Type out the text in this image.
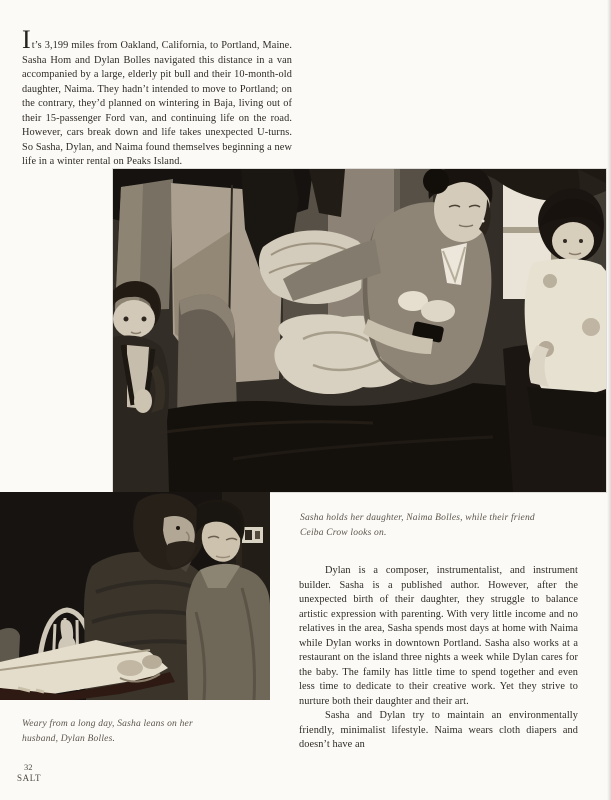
It’s 3,199 miles from Oakland, California, to Portland, Maine. Sasha Hom and Dylan Bolles navigated this distance in a van accompanied by a large, elderly pit bull and their 10-month-old daughter, Naima. They hadn’t intended to move to Portland; on the contrary, they’d planned on wintering in Baja, living out of their 15-passenger Ford van, and continuing life on the road. However, cars break down and life takes unexpected U-turns. So Sasha, Dylan, and Naima found themselves beginning a new life in a winter rental on Peaks Island.

Sasha holds her daughter, Naima Bolles, while their friend Ceiba Crow looks on.

Weary from a long day, Sasha leans on her husband, Dylan Bolles.

Dylan is a composer, instrumentalist, and instrument builder. Sasha is a published author. However, after the unexpected birth of their daughter, they struggle to balance artistic expression with parenting. With very little income and no relatives in the area, Sasha spends most days at home with Naima while Dylan works in downtown Portland. Sasha also works at a restaurant on the island three nights a week while Dylan cares for the baby. The family has little time to spend together and even less time to dedicate to their creative work. Yet they strive to nurture both their daughter and their art.

Sasha and Dylan try to maintain an environmentally friendly, minimalist lifestyle. Naima wears cloth diapers and doesn’t have an

32
SALT
